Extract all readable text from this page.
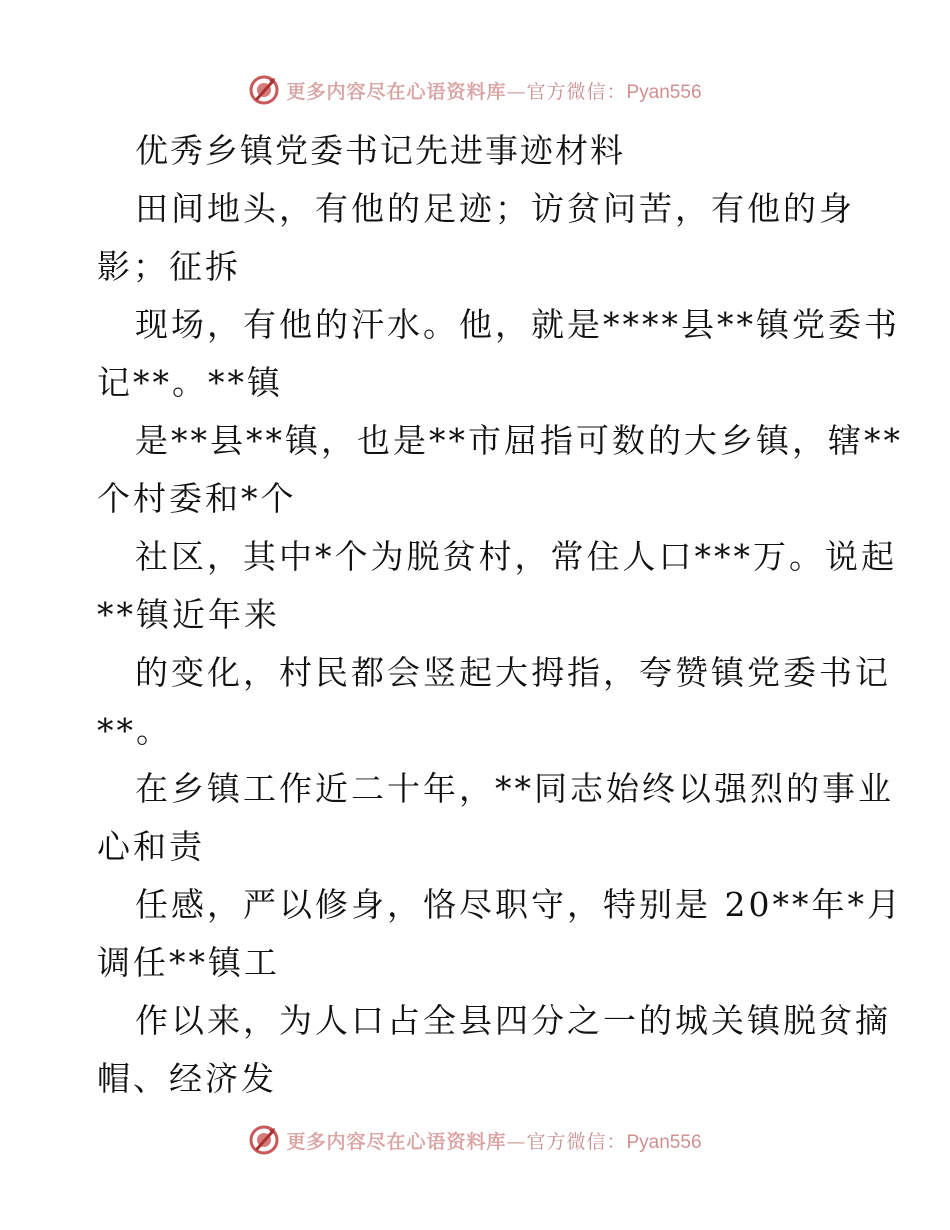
更多内容尽在心语资料库—官方微信：Pyan556
优秀乡镇党委书记先进事迹材料
田间地头，有他的足迹；访贫问苦，有他的身
影；征拆
现场，有他的汗水。他，就是****县**镇党委书
记**。**镇
是**县**镇，也是**市屈指可数的大乡镇，辖**
个村委和*个
社区，其中*个为脱贫村，常住人口***万。说起
**镇近年来
的变化，村民都会竖起大拇指，夸赞镇党委书记
**。
在乡镇工作近二十年，**同志始终以强烈的事业
心和责
任感，严以修身，恪尽职守，特别是 20**年*月
调任**镇工
作以来，为人口占全县四分之一的城关镇脱贫摘
帽、经济发
更多内容尽在心语资料库—官方微信：Pyan556
